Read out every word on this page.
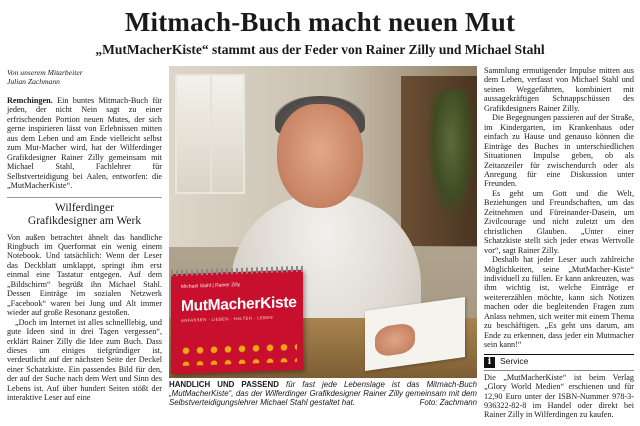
Mitmach-Buch macht neuen Mut
„MutMacherKiste“ stammt aus der Feder von Rainer Zilly und Michael Stahl
Von unserem Mitarbeiter
Julian Zachmann

Remchingen. Ein buntes Mitmach-Buch für jeden, der nicht Nein sagt zu einer erfrischenden Portion neuen Mutes, der sich gerne inspirieren lässt von Erlebnissen mitten aus dem Leben und am Ende vielleicht selbst zum Mut-Macher wird, hat der Wilferdinger Grafikdesigner Rainer Zilly gemeinsam mit Michael Stahl, Fachlehrer für Selbstverteidigung bei Aalen, entworfen: die „MutMacherKiste“.

Wilferdinger
Grafikdesigner am Werk

Von außen betrachtet ähnelt das handliche Ringbuch im Querformat ein wenig einem Notebook. Und tatsächlich: Wenn der Leser das Deckblatt umklappt, springt ihm erst einmal eine Tastatur entgegen. Auf dem „Bildschirm“ begrüßt ihn Michael Stahl. Dessen Einträge im sozialen Netzwerk „Facebook“ waren bei Jung und Alt immer wieder auf große Resonanz gestoßen.

„Doch im Internet ist alles schnelllebig, und gute Ideen sind in drei Tagen vergessen“, erklärt Rainer Zilly die Idee zum Buch. Dass dieses um einiges tiefgründiger ist, verdeutlicht auf der nächsten Seite der Deckel einer Schatzkiste. Ein passendes Bild für den, der auf der Suche nach dem Wert und Sinn des Lebens ist. Auf über hundert Seiten stößt der interaktive Leser auf eine

Michael Stahl | Rainer Zilly
MutMacherKiste
ANFASSEN · LIEBEN · HALTEN · LEBEN
HANDLICH UND PASSEND für fast jede Lebenslage ist das Mitmach-Buch „MutMacherKiste“, das der Wilferdinger Grafikdesigner Rainer Zilly gemeinsam mit dem Selbstverteidigungslehrer Michael Stahl gestaltet hat.	Foto: Zachmann

Sammlung ermutigender Impulse mitten aus dem Leben, verfasst von Michael Stahl und seinen Weggefährten, kombiniert mit aussagekräftigen Schnappschüssen des Grafikdesigners Rainer Zilly.

Die Begegnungen passieren auf der Straße, im Kindergarten, im Krankenhaus oder einfach zu Hause und genauso können die Einträge des Buches in unterschiedlichen Situationen Impulse geben, ob als Zeitanzeiler für zwischendurch oder als Anregung für eine Diskussion unter Freunden.

Es geht um Gott und die Welt, Beziehungen und Freundschaften, um das Zeitnehmen und Füreinander-Dasein, um Zivilcourage und nicht zuletzt um den christlichen Glauben. „Unter einer Schatzkiste stellt sich jeder etwas Wertvolle vor“, sagt Rainer Zilly.

Deshalb hat jeder Leser auch zahlreiche Möglichkeiten, seine „MutMacher-Kiste“ individuell zu füllen. Er kann ankreuzen, was ihm wichtig ist, welche Einträge er weitererzählen möchte, kann sich Notizen machen oder die begleitenden Fragen zum Anlass nehmen, sich weiter mit einem Thema zu beschäftigen. „Es geht uns darum, am Ende zu erkennen, dass jeder ein Mutmacher sein kann!“

i	Service

Die „MutMacherKiste“ ist beim Verlag „Glory World Medien“ erschienen und für 12,90 Euro unter der ISBN-Nummer 978-3-936322-82-8 im Handel oder direkt bei Rainer Zilly in Wilferdingen zu kaufen.
